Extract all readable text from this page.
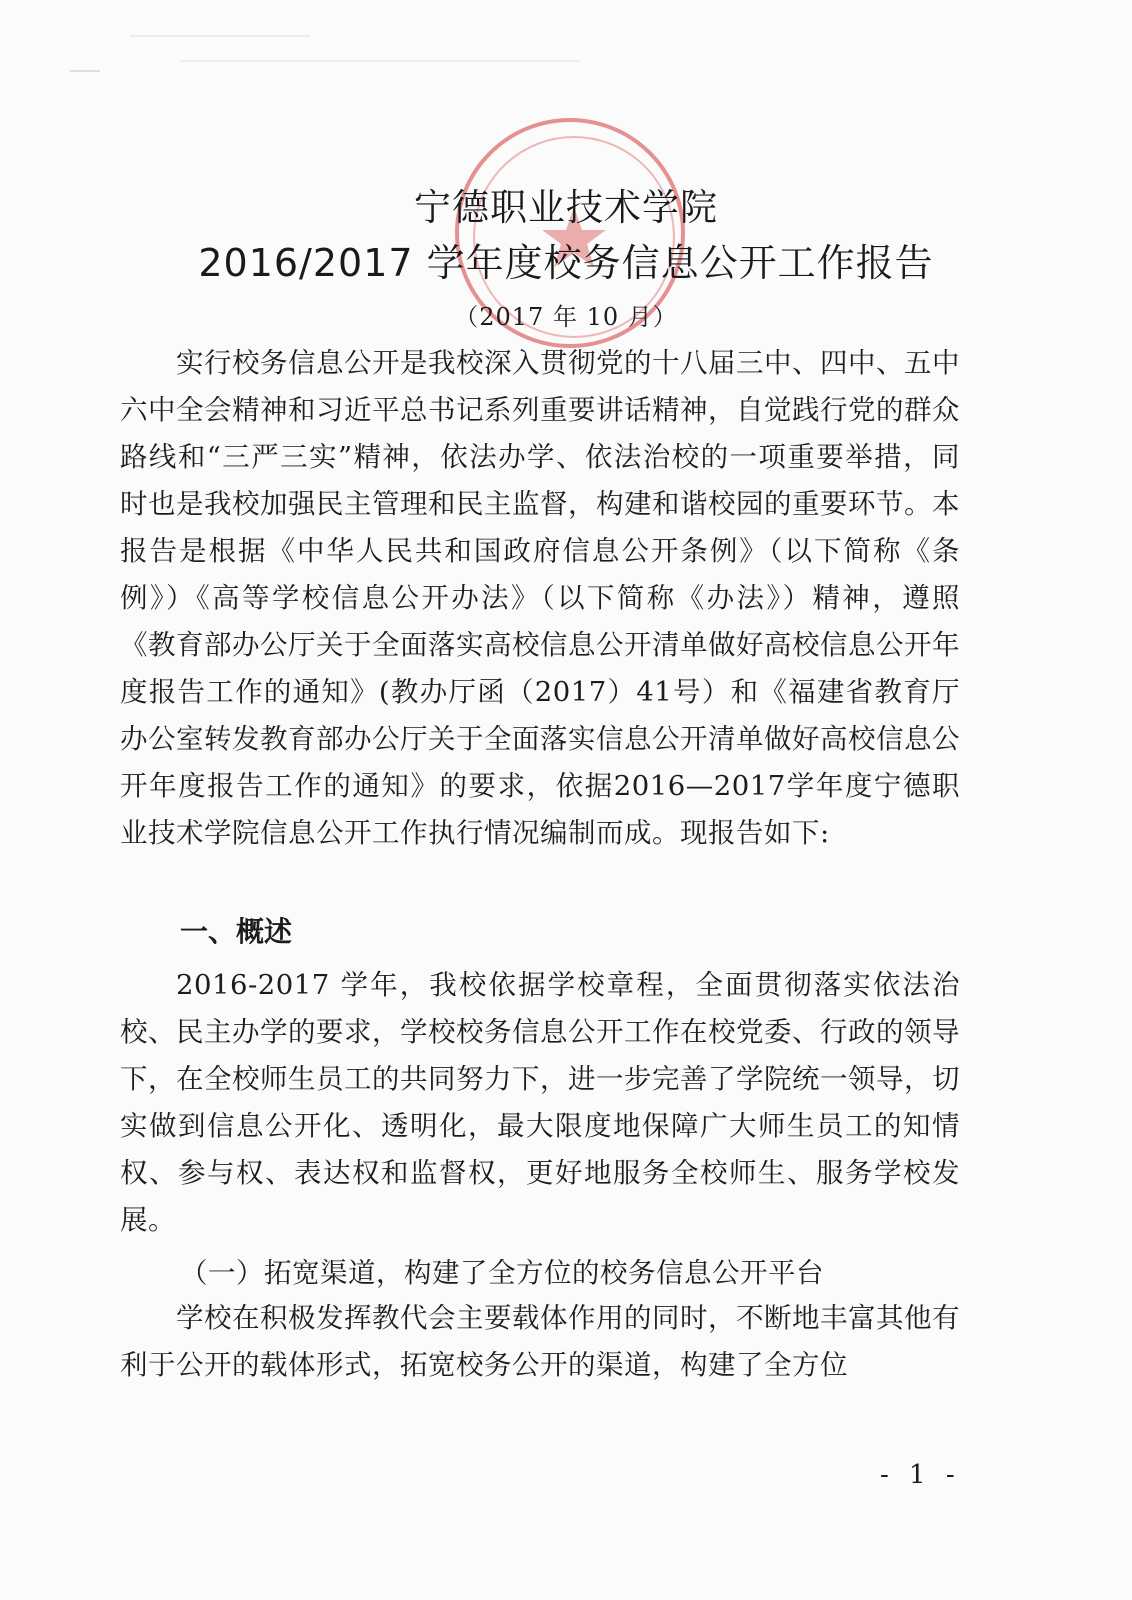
宁德职业技术学院
2016/2017 学年度校务信息公开工作报告
（2017 年 10 月）
实行校务信息公开是我校深入贯彻党的十八届三中、四中、五中六中全会精神和习近平总书记系列重要讲话精神，自觉践行党的群众路线和“三严三实”精神，依法办学、依法治校的一项重要举措，同时也是我校加强民主管理和民主监督，构建和谐校园的重要环节。本报告是根据《中华人民共和国政府信息公开条例》（以下简称《条例》）《高等学校信息公开办法》（以下简称《办法》）精神，遵照《教育部办公厅关于全面落实高校信息公开清单做好高校信息公开年度报告工作的通知》(教办厅函（2017）41号）和《福建省教育厅办公室转发教育部办公厅关于全面落实信息公开清单做好高校信息公开年度报告工作的通知》的要求，依据2016—2017学年度宁德职业技术学院信息公开工作执行情况编制而成。现报告如下:
一、概述
2016-2017 学年，我校依据学校章程，全面贯彻落实依法治校、民主办学的要求，学校校务信息公开工作在校党委、行政的领导下，在全校师生员工的共同努力下，进一步完善了学院统一领导，切实做到信息公开化、透明化，最大限度地保障广大师生员工的知情权、参与权、表达权和监督权，更好地服务全校师生、服务学校发展。
（一）拓宽渠道，构建了全方位的校务信息公开平台
学校在积极发挥教代会主要载体作用的同时，不断地丰富其他有利于公开的载体形式，拓宽校务公开的渠道，构建了全方位
- 1 -
